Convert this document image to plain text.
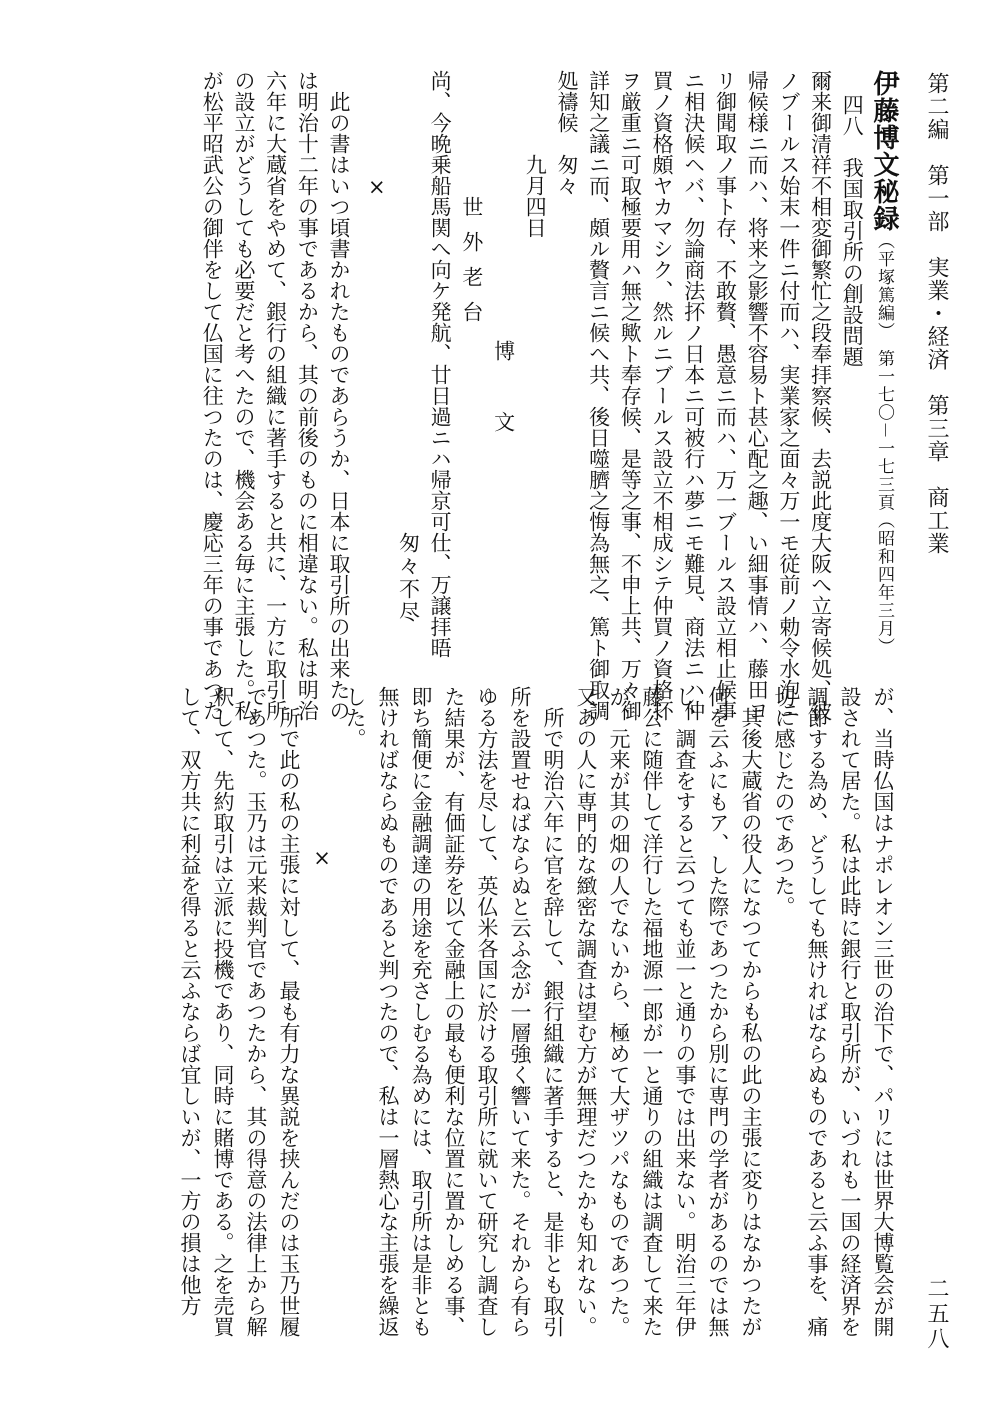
第二編　第一部　実業・経済　第三章　商工業
二五八
伊藤博文秘録（平塚篤編）　第一七〇－一七三頁（昭和四年三月）
四八　我国取引所の創設問題
爾来御清祥不相変御繁忙之段奉拝察候、去説此度大阪へ立寄候処、彼
ノブールス始末一件ニ付而ハ、実業家之面々万一モ従前ノ勅令水泡ニ
帰候様ニ而ハ、将来之影響不容易ト甚心配之趣、い細事情ハ、藤田ヨ
リ御聞取ノ事ト存、不敢贅、愚意ニ而ハ、万一ブールス設立相止候事
ニ相決候ヘバ、勿論商法抔ノ日本ニ可被行ハ夢ニモ難見、商法ニハ仲
買ノ資格頗ヤカマシク、然ルニブールス設立不相成シテ仲買ノ資格抔
ヲ厳重ニ可取極要用ハ無之歟ト奉存候、是等之事、不申上共、万々御
詳知之議ニ而、頗ル贅言ニ候へ共、後日噬臍之悔為無之、篤ト御取調
処禱候　匆々
九月四日
博文
世外老台
尚、今晩乗船馬関へ向ケ発航、廿日過ニハ帰京可仕、万譲拝晤
匆々不尽
×
此の書はいつ頃書かれたものであらうか、日本に取引所の出来たの
は明治十二年の事であるから、其の前後のものに相違ない。私は明治
六年に大蔵省をやめて、銀行の組織に著手すると共に、一方に取引所
の設立がどうしても必要だと考へたので、機会ある毎に主張した。私
が松平昭武公の御伴をして仏国に往つたのは、慶応三年の事であつた
が、当時仏国はナポレオン三世の治下で、パリには世界大博覧会が開
設されて居た。私は此時に銀行と取引所が、いづれも一国の経済界を
調節する為め、どうしても無ければならぬものであると云ふ事を、痛
切に感じたのであつた。
其後大蔵省の役人になつてからも私の此の主張に変りはなかつたが
何を云ふにもア、した際であつたから別に専門の学者があるのでは無
し、調査をすると云つても並一と通りの事では出来ない。明治三年伊
藤公に随伴して洋行した福地源一郎が一と通りの組織は調査して来た
が、元来が其の畑の人でないから、極めて大ザツパなものであつた。
又あの人に専門的な緻密な調査は望む方が無理だつたかも知れない。
所で明治六年に官を辞して、銀行組織に著手すると、是非とも取引
所を設置せねばならぬと云ふ念が一層強く響いて来た。それから有ら
ゆる方法を尽して、英仏米各国に於ける取引所に就いて研究し調査し
た結果が、有価証券を以て金融上の最も便利な位置に置かしめる事、
即ち簡便に金融調達の用途を充さしむる為めには、取引所は是非とも
無ければならぬものであると判つたので、私は一層熱心な主張を繰返
した。
×
所で此の私の主張に対して、最も有力な異説を挟んだのは玉乃世履
であつた。玉乃は元来裁判官であつたから、其の得意の法律上から解
釈して、先約取引は立派に投機であり、同時に賭博である。之を売買
して、双方共に利益を得ると云ふならば宜しいが、一方の損は他方
